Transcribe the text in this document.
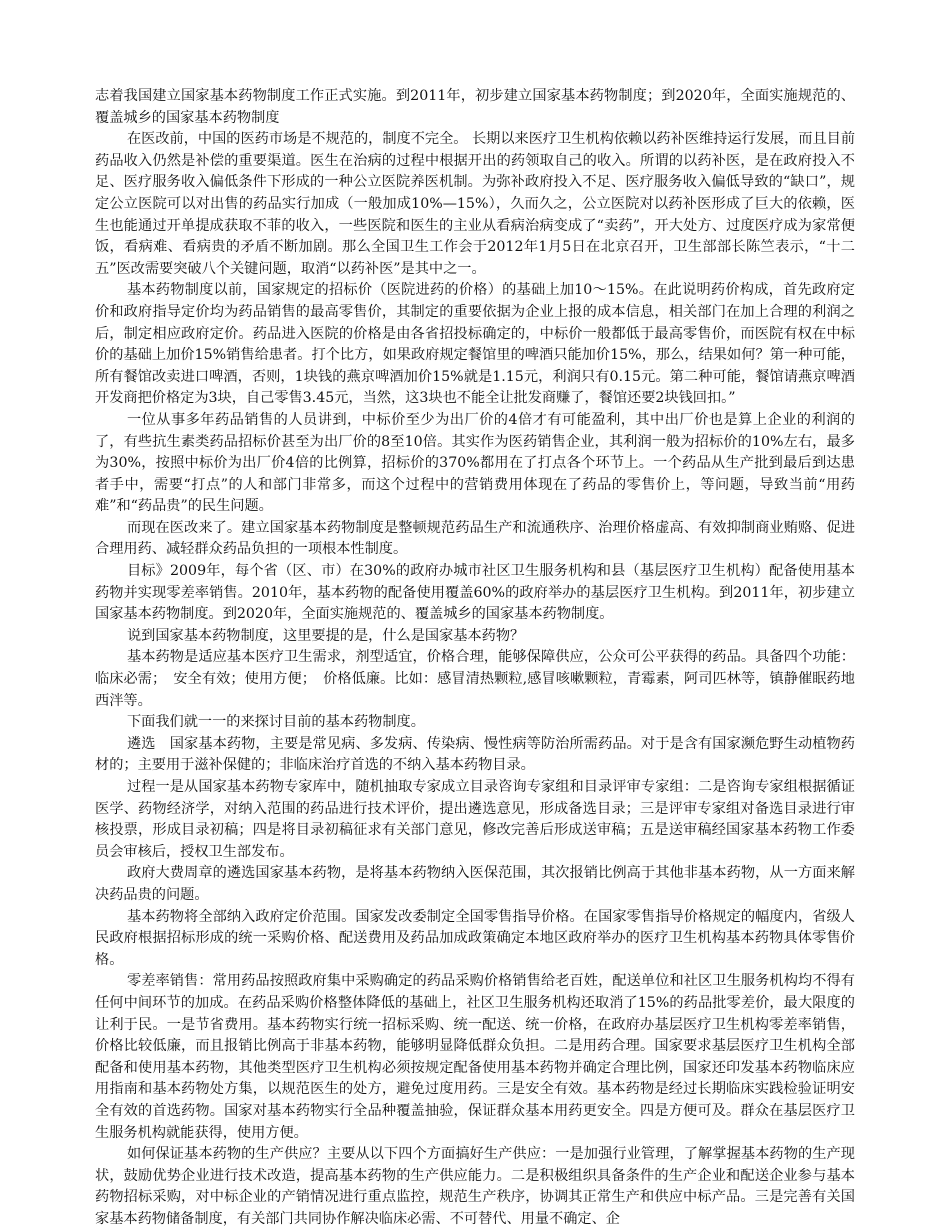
志着我国建立国家基本药物制度工作正式实施。到2011年，初步建立国家基本药物制度；到2020年，全面实施规范的、覆盖城乡的国家基本药物制度

在医改前，中国的医药市场是不规范的，制度不完全。 长期以来医疗卫生机构依赖以药补医维持运行发展，而且目前药品收入仍然是补偿的重要渠道。医生在治病的过程中根据开出的药领取自己的收入。所谓的以药补医，是在政府投入不足、医疗服务收入偏低条件下形成的一种公立医院养医机制。为弥补政府投入不足、医疗服务收入偏低导致的“缺口”，规定公立医院可以对出售的药品实行加成（一般加成10%—15%），久而久之，公立医院对以药补医形成了巨大的依赖，医生也能通过开单提成获取不菲的收入，一些医院和医生的主业从看病治病变成了“卖药”，开大处方、过度医疗成为家常便饭，看病难、看病贵的矛盾不断加剧。那么全国卫生工作会于2012年1月5日在北京召开，卫生部部长陈竺表示，“十二五”医改需要突破八个关键问题，取消“以药补医”是其中之一。

基本药物制度以前，国家规定的招标价（医院进药的价格）的基础上加10～15%。在此说明药价构成，首先政府定价和政府指导定价均为药品销售的最高零售价，其制定的重要依据为企业上报的成本信息，相关部门在加上合理的利润之后，制定相应政府定价。药品进入医院的价格是由各省招投标确定的，中标价一般都低于最高零售价，而医院有权在中标价的基础上加价15%销售给患者。打个比方，如果政府规定餐馆里的啤酒只能加价15%，那么，结果如何？第一种可能，所有餐馆改卖进口啤酒，否则，1块钱的燕京啤酒加价15%就是1.15元，利润只有0.15元。第二种可能，餐馆请燕京啤酒开发商把价格定为3块，自己零售3.45元，当然，这3块也不能全让批发商赚了，餐馆还要2块钱回扣。”

一位从事多年药品销售的人员讲到，中标价至少为出厂价的4倍才有可能盈利，其中出厂价也是算上企业的利润的了，有些抗生素类药品招标价甚至为出厂价的8至10倍。其实作为医药销售企业，其利润一般为招标价的10%左右，最多为30%，按照中标价为出厂价4倍的比例算，招标价的370%都用在了打点各个环节上。一个药品从生产批到最后到达患者手中，需要“打点”的人和部门非常多，而这个过程中的营销费用体现在了药品的零售价上，等问题，导致当前“用药难”和“药品贵”的民生问题。

而现在医改来了。建立国家基本药物制度是整顿规范药品生产和流通秩序、治理价格虚高、有效抑制商业贿赂、促进合理用药、减轻群众药品负担的一项根本性制度。

目标》2009年，每个省（区、市）在30%的政府办城市社区卫生服务机构和县（基层医疗卫生机构）配备使用基本药物并实现零差率销售。2010年，基本药物的配备使用覆盖60%的政府举办的基层医疗卫生机构。到2011年，初步建立国家基本药物制度。到2020年，全面实施规范的、覆盖城乡的国家基本药物制度。

说到国家基本药物制度，这里要提的是，什么是国家基本药物？

基本药物是适应基本医疗卫生需求，剂型适宜，价格合理，能够保障供应，公众可公平获得的药品。具备四个功能：临床必需；　安全有效；使用方便；　价格低廉。比如：感冒清热颗粒,感冒咳嗽颗粒，青霉素，阿司匹林等，镇静催眠药地西泮等。

下面我们就一一的来探讨目前的基本药物制度。

遴选　国家基本药物，主要是常见病、多发病、传染病、慢性病等防治所需药品。对于是含有国家濒危野生动植物药材的；主要用于滋补保健的；非临床治疗首选的不纳入基本药物目录。

过程一是从国家基本药物专家库中，随机抽取专家成立目录咨询专家组和目录评审专家组：二是咨询专家组根据循证医学、药物经济学，对纳入范围的药品进行技术评价，提出遴选意见，形成备选目录；三是评审专家组对备选目录进行审核投票，形成目录初稿；四是将目录初稿征求有关部门意见，修改完善后形成送审稿；五是送审稿经国家基本药物工作委员会审核后，授权卫生部发布。

政府大费周章的遴选国家基本药物，是将基本药物纳入医保范围，其次报销比例高于其他非基本药物，从一方面来解决药品贵的问题。

基本药物将全部纳入政府定价范围。国家发改委制定全国零售指导价格。在国家零售指导价格规定的幅度内，省级人民政府根据招标形成的统一采购价格、配送费用及药品加成政策确定本地区政府举办的医疗卫生机构基本药物具体零售价格。

零差率销售：常用药品按照政府集中采购确定的药品采购价格销售给老百姓，配送单位和社区卫生服务机构均不得有任何中间环节的加成。在药品采购价格整体降低的基础上，社区卫生服务机构还取消了15%的药品批零差价，最大限度的让利于民。一是节省费用。基本药物实行统一招标采购、统一配送、统一价格，在政府办基层医疗卫生机构零差率销售，价格比较低廉，而且报销比例高于非基本药物，能够明显降低群众负担。二是用药合理。国家要求基层医疗卫生机构全部配备和使用基本药物，其他类型医疗卫生机构必须按规定配备使用基本药物并确定合理比例，国家还印发基本药物临床应用指南和基本药物处方集，以规范医生的处方，避免过度用药。三是安全有效。基本药物是经过长期临床实践检验证明安全有效的首选药物。国家对基本药物实行全品种覆盖抽验，保证群众基本用药更安全。四是方便可及。群众在基层医疗卫生服务机构就能获得，使用方便。

如何保证基本药物的生产供应？主要从以下四个方面搞好生产供应：一是加强行业管理，了解掌握基本药物的生产现状，鼓励优势企业进行技术改造，提高基本药物的生产供应能力。二是积极组织具备条件的生产企业和配送企业参与基本药物招标采购，对中标企业的产销情况进行重点监控，规范生产秩序，协调其正常生产和供应中标产品。三是完善有关国家基本药物储备制度，有关部门共同协作解决临床必需、不可替代、用量不确定、企
